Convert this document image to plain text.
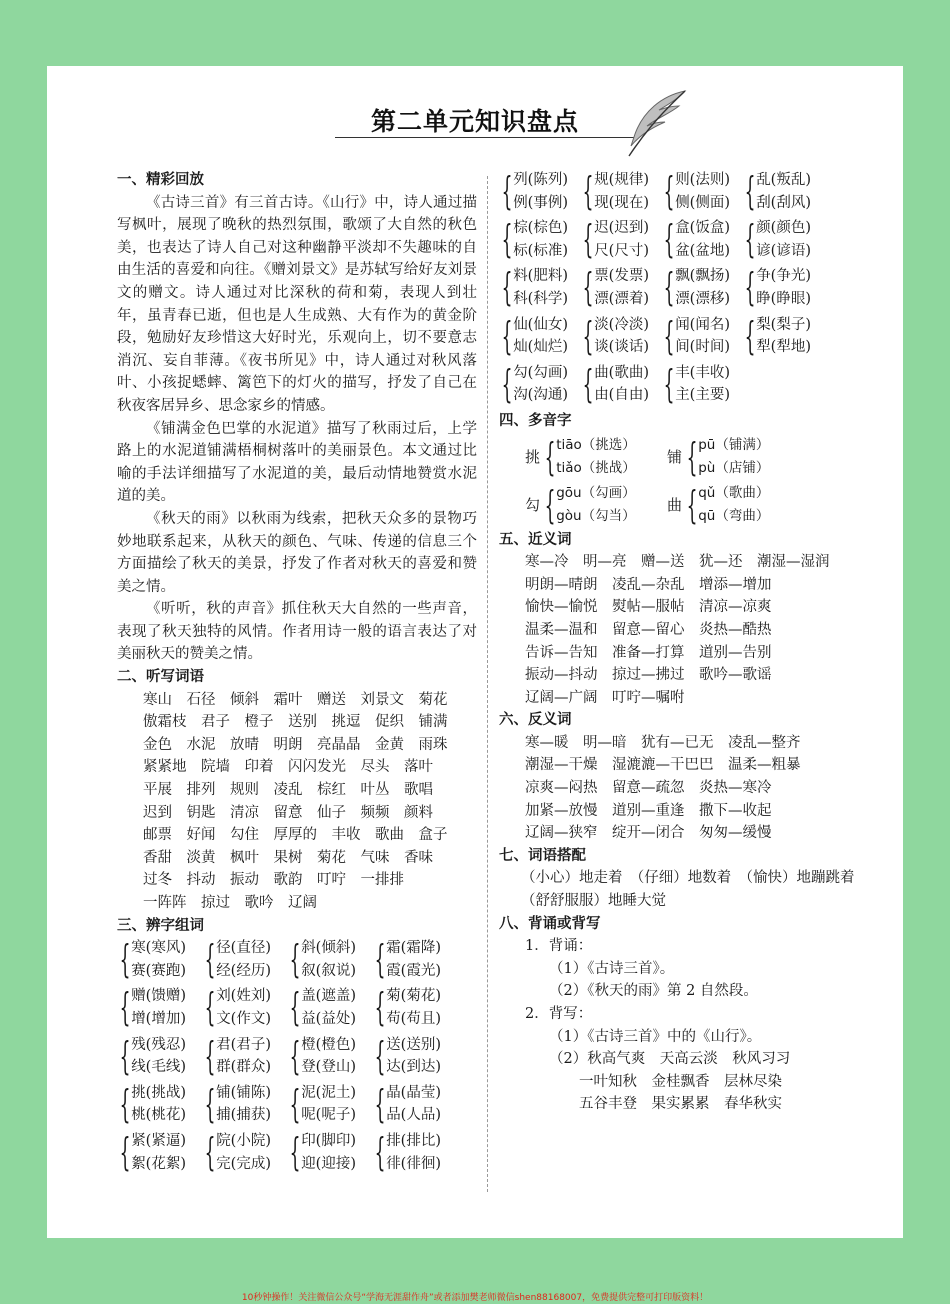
第二单元知识盘点
一、精彩回放
《古诗三首》有三首古诗。《山行》中，诗人通过描写枫叶，展现了晚秋的热烈氛围，歌颂了大自然的秋色美，也表达了诗人自己对这种幽静平淡却不失趣味的自由生活的喜爱和向往。《赠刘景文》是苏轼写给好友刘景文的赠文。诗人通过对比深秋的荷和菊，表现人到壮年，虽青春已逝，但也是人生成熟、大有作为的黄金阶段，勉励好友珍惜这大好时光，乐观向上，切不要意志消沉、妄自菲薄。《夜书所见》中，诗人通过对秋风落叶、小孩捉蟋蟀、篱笆下的灯火的描写，抒发了自己在秋夜客居异乡、思念家乡的情感。
《铺满金色巴掌的水泥道》描写了秋雨过后，上学路上的水泥道铺满梧桐树落叶的美丽景色。本文通过比喻的手法详细描写了水泥道的美，最后动情地赞赏水泥道的美。
《秋天的雨》以秋雨为线索，把秋天众多的景物巧妙地联系起来，从秋天的颜色、气味、传递的信息三个方面描绘了秋天的美景，抒发了作者对秋天的喜爱和赞美之情。
《听听，秋的声音》抓住秋天大自然的一些声音，表现了秋天独特的风情。作者用诗一般的语言表达了对美丽秋天的赞美之情。
二、听写词语
寒山　石径　倾斜　霜叶　赠送　刘景文　菊花
傲霜枝　君子　橙子　送别　挑逗　促织　铺满
金色　水泥　放晴　明朗　亮晶晶　金黄　雨珠
紧紧地　院墙　印着　闪闪发光　尽头　落叶
平展　排列　规则　凌乱　棕红　叶丛　歌唱
迟到　钥匙　清凉　留意　仙子　频频　颜料
邮票　好闻　勾住　厚厚的　丰收　歌曲　盒子
香甜　淡黄　枫叶　果树　菊花　气味　香味
过冬　抖动　振动　歌韵　叮咛　一排排
一阵阵　掠过　歌吟　辽阔
三、辨字组词
{ 寒(寒风)
赛(赛跑) { 径(直径)
经(经历) { 斜(倾斜)
叙(叙说) { 霜(霜降)
霞(霞光)
{ 赠(馈赠)
增(增加) { 刘(姓刘)
文(作文) { 盖(遮盖)
益(益处) { 菊(菊花)
苟(苟且)
{ 残(残忍)
线(毛线) { 君(君子)
群(群众) { 橙(橙色)
登(登山) { 送(送别)
达(到达)
{ 挑(挑战)
桃(桃花) { 铺(铺陈)
捕(捕获) { 泥(泥土)
呢(呢子) { 晶(晶莹)
品(人品)
{ 紧(紧逼)
絮(花絮) { 院(小院)
完(完成) { 印(脚印)
迎(迎接) { 排(排比)
徘(徘徊)
{ 列(陈列)
例(事例) { 规(规律)
现(现在) { 则(法则)
侧(侧面) { 乱(叛乱)
刮(刮风)
{ 棕(棕色)
标(标准) { 迟(迟到)
尺(尺寸) { 盒(饭盒)
盆(盆地) { 颜(颜色)
谚(谚语)
{ 料(肥料)
科(科学) { 票(发票)
漂(漂着) { 飘(飘扬)
漂(漂移) { 争(争光)
睁(睁眼)
{ 仙(仙女)
灿(灿烂) { 淡(冷淡)
谈(谈话) { 闻(闻名)
间(时间) { 梨(梨子)
犁(犁地)
{ 勾(勾画)
沟(沟通) { 曲(歌曲)
由(自由) { 丰(丰收)
主(主要)
四、多音字
挑 { tiāo（挑选）
tiǎo（挑战）
铺 { pū（铺满）
pù（店铺）
勾 { gōu（勾画）
gòu（勾当）
曲 { qǔ（歌曲）
qū（弯曲）
五、近义词
寒—冷　明—亮　赠—送　犹—还　潮湿—湿润
明朗—晴朗　凌乱—杂乱　增添—增加
愉快—愉悦　熨帖—服帖　清凉—凉爽
温柔—温和　留意—留心　炎热—酷热
告诉—告知　准备—打算　道别—告别
振动—抖动　掠过—拂过　歌吟—歌谣
辽阔—广阔　叮咛—嘱咐
六、反义词
寒—暖　明—暗　犹有—已无　凌乱—整齐
潮湿—干燥　湿漉漉—干巴巴　温柔—粗暴
凉爽—闷热　留意—疏忽　炎热—寒冷
加紧—放慢　道别—重逢　撒下—收起
辽阔—狭窄　绽开—闭合　匆匆—缓慢
七、词语搭配
（小心）地走着　（仔细）地数着　（愉快）地蹦跳着
（舒舒服服）地睡大觉
八、背诵或背写
1．背诵：
（1）《古诗三首》。
（2）《秋天的雨》第 2 自然段。
2．背写：
（1）《古诗三首》中的《山行》。
（2）秋高气爽　天高云淡　秋风习习
一叶知秋　金桂飘香　层林尽染
五谷丰登　果实累累　春华秋实
10秒钟操作！关注微信公众号“学海无涯甜作舟”或者添加樊老师微信shen88168007，免费提供完整可打印版资料！
